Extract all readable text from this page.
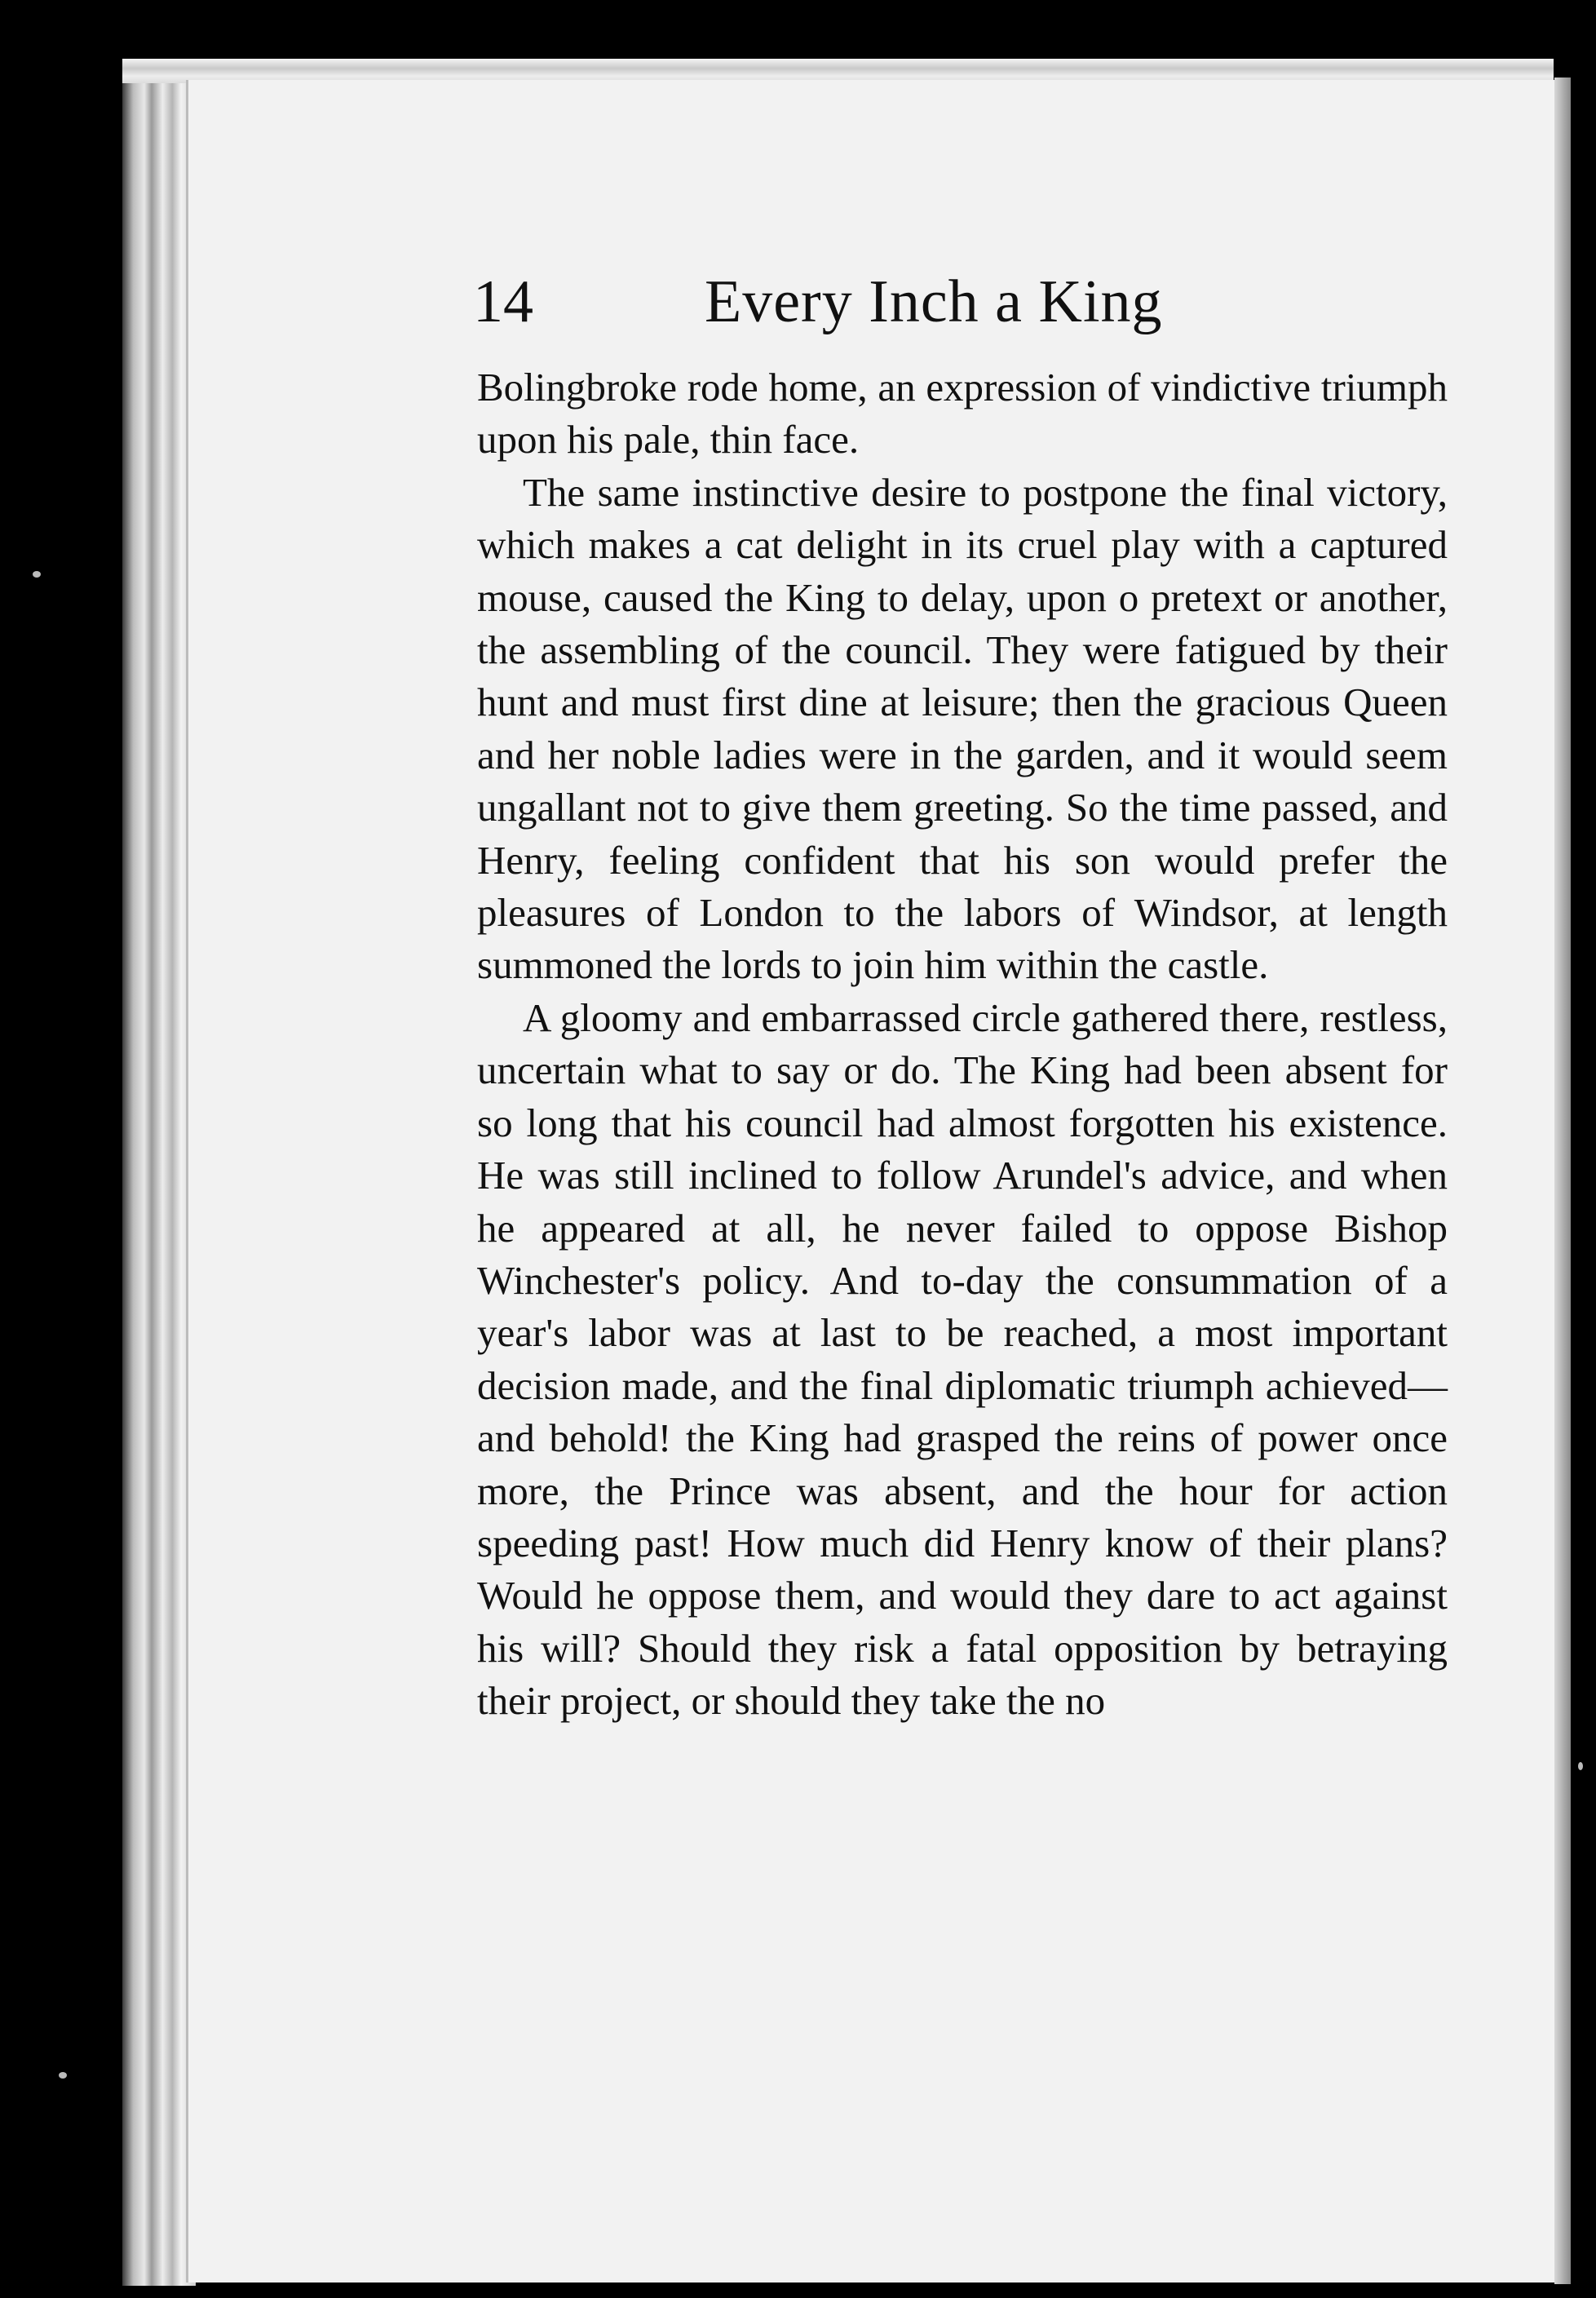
14	Every Inch a King

Bolingbroke rode home, an expression of vindictive triumph upon his pale, thin face.

The same instinctive desire to postpone the final victory, which makes a cat delight in its cruel play with a captured mouse, caused the King to delay, upon o pretext or another, the assembling of the council. They were fatigued by their hunt and must first dine at leisure; then the gracious Queen and her noble ladies were in the garden, and it would seem ungallant not to give them greeting. So the time passed, and Henry, feeling confident that his son would prefer the pleasures of London to the labors of Windsor, at length summoned the lords to join him within the castle.

A gloomy and embarrassed circle gathered there, restless, uncertain what to say or do. The King had been absent for so long that his council had almost forgotten his existence. He was still inclined to follow Arundel's advice, and when he appeared at all, he never failed to oppose Bishop Winchester's policy. And to-day the consummation of a year's labor was at last to be reached, a most important decision made, and the final diplomatic triumph achieved—and behold! the King had grasped the reins of power once more, the Prince was absent, and the hour for action speeding past! How much did Henry know of their plans? Would he oppose them, and would they dare to act against his will? Should they risk a fatal opposition by betraying their project, or should they take the no
